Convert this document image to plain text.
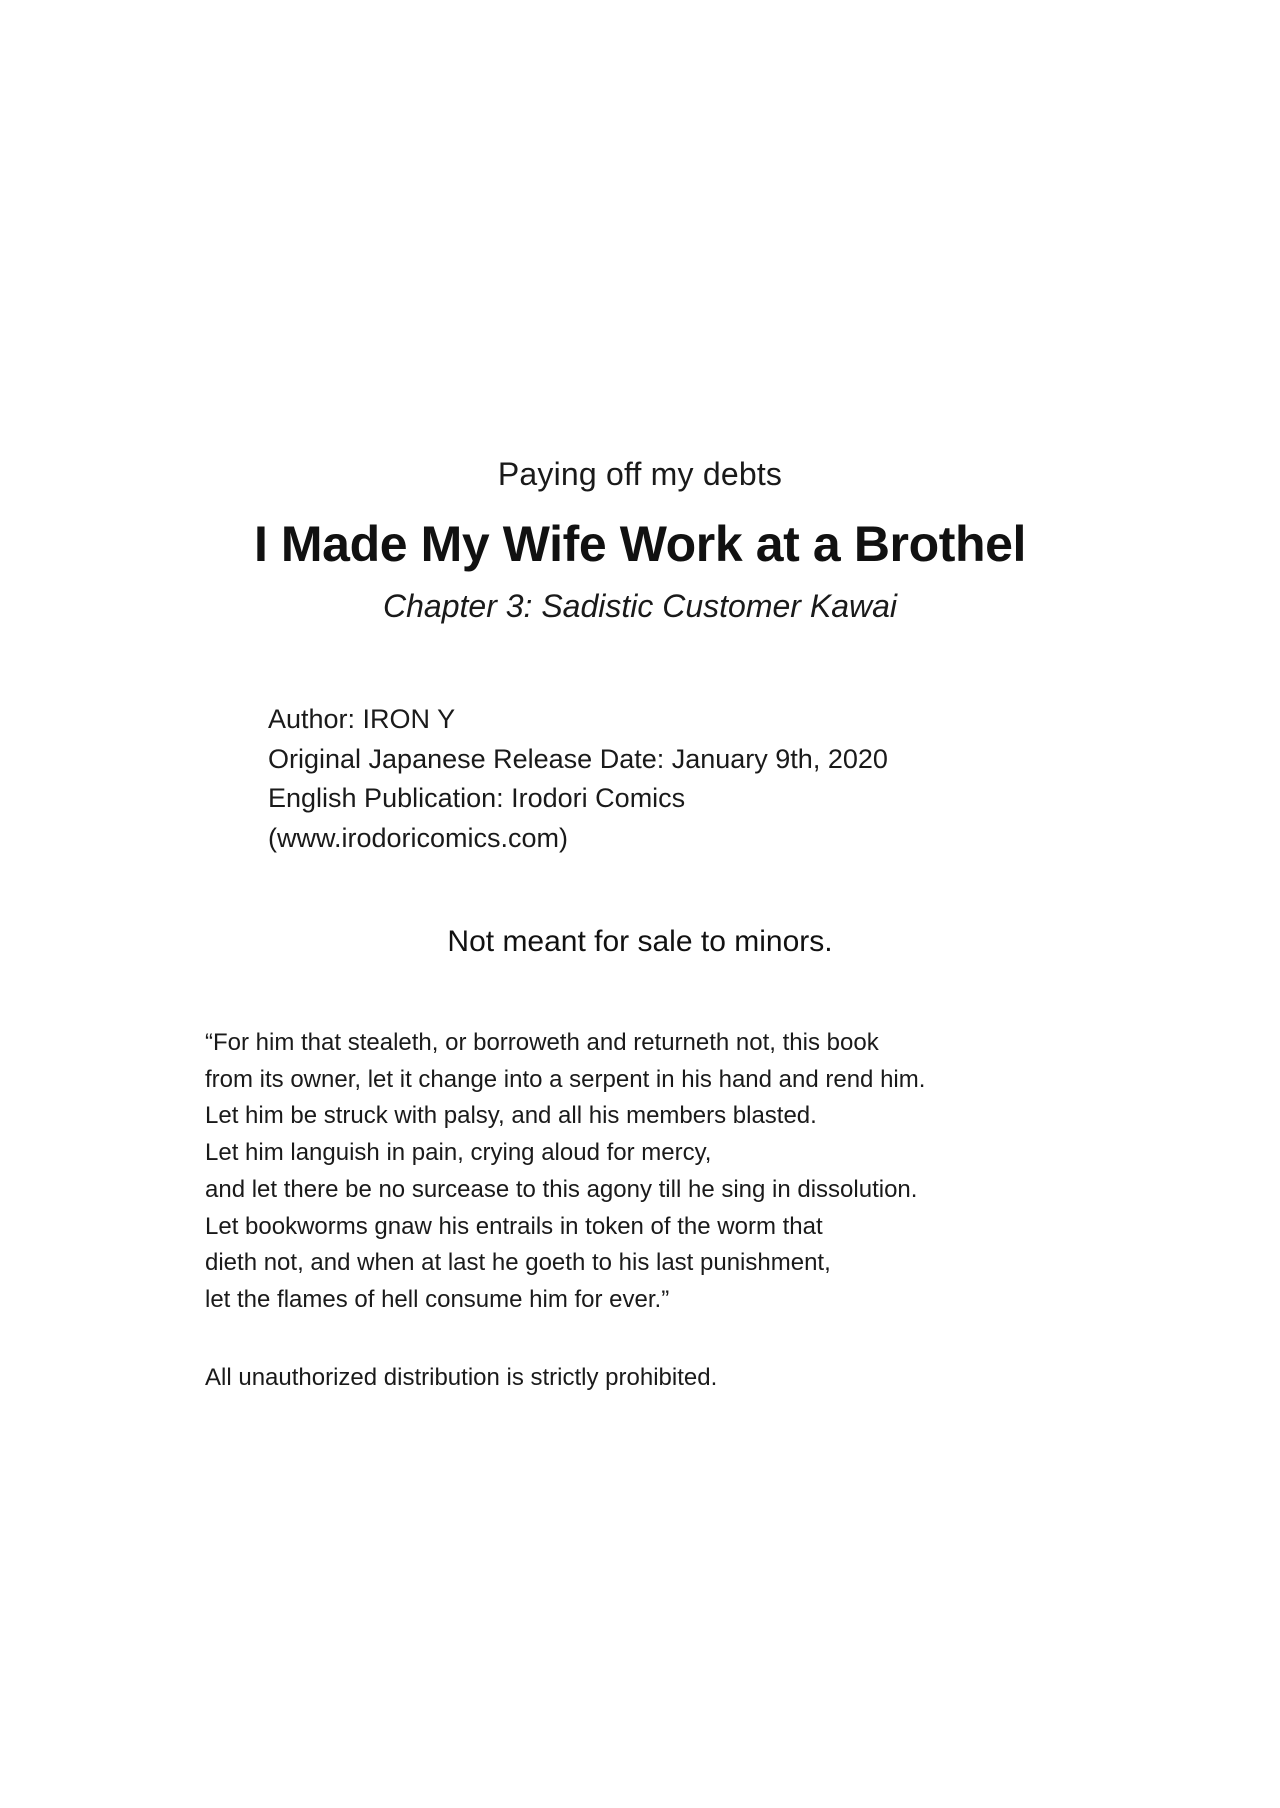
Paying off my debts

I Made My Wife Work at a Brothel

Chapter 3: Sadistic Customer Kawai

Author: IRON Y
Original Japanese Release Date: January 9th, 2020
English Publication: Irodori Comics
(www.irodoricomics.com)
Not meant for sale to minors.
“For him that stealeth, or borroweth and returneth not, this book
from its owner, let it change into a serpent in his hand and rend him.
Let him be struck with palsy, and all his members blasted.
Let him languish in pain, crying aloud for mercy,
and let there be no surcease to this agony till he sing in dissolution.
Let bookworms gnaw his entrails in token of the worm that
dieth not, and when at last he goeth to his last punishment,
let the flames of hell consume him for ever.”
All unauthorized distribution is strictly prohibited.
